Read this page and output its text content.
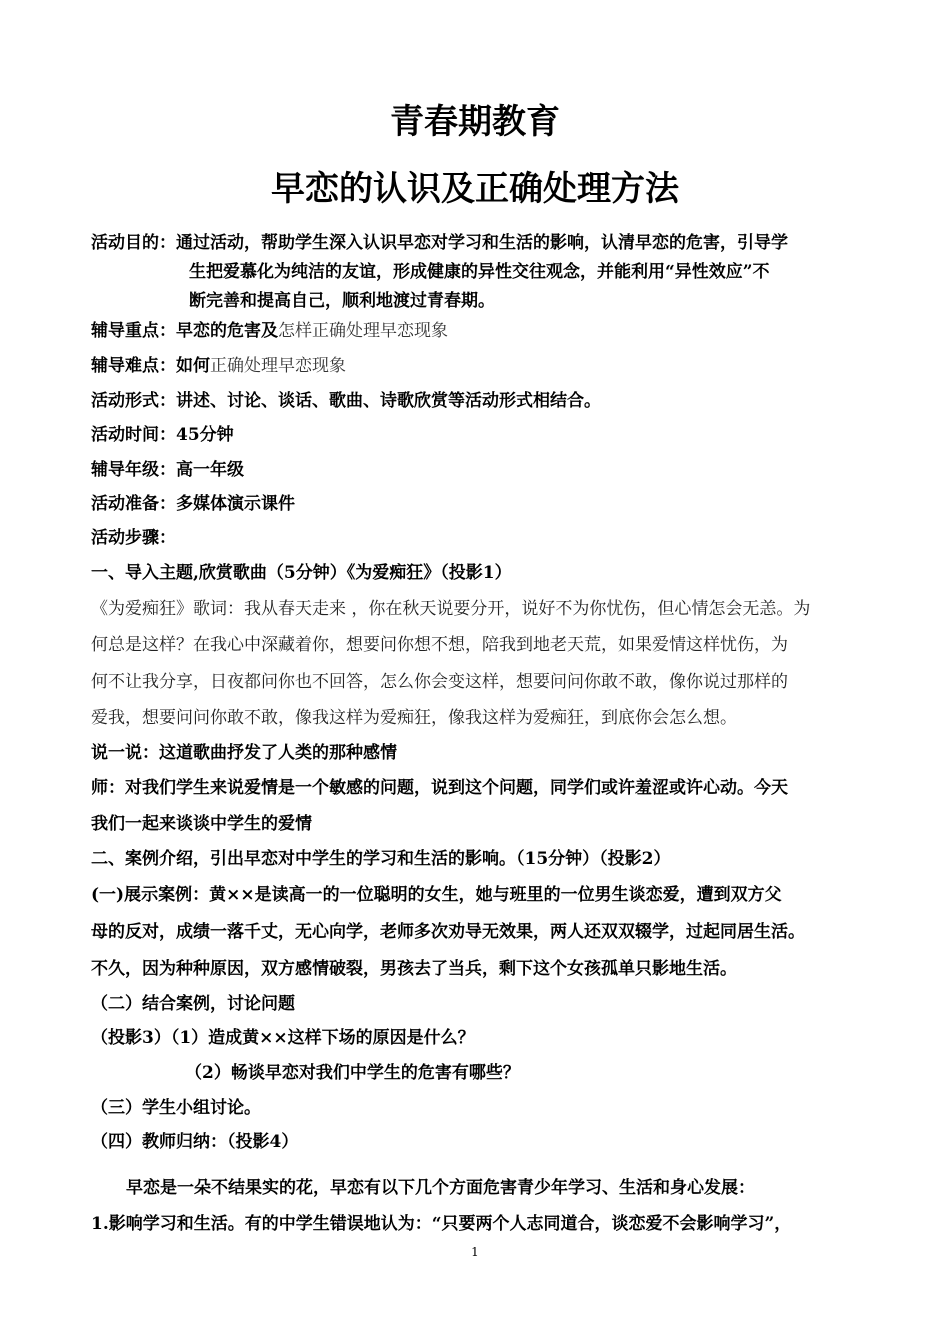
青春期教育
早恋的认识及正确处理方法
活动目的：通过活动，帮助学生深入认识早恋对学习和生活的影响，认清早恋的危害，引导学
生把爱慕化为纯洁的友谊，形成健康的异性交往观念，并能利用“异性效应”不
断完善和提高自己，顺利地渡过青春期。
辅导重点：早恋的危害及怎样正确处理早恋现象
辅导难点：如何正确处理早恋现象
活动形式：讲述、讨论、谈话、歌曲、诗歌欣赏等活动形式相结合。
活动时间：45分钟
辅导年级：高一年级
活动准备：多媒体演示课件
活动步骤：
一、导入主题,欣赏歌曲（5分钟）《为爱痴狂》（投影1）
《为爱痴狂》歌词：我从春天走来 ，你在秋天说要分开，说好不为你忧伤，但心情怎会无恙。为
何总是这样？在我心中深藏着你，想要问你想不想，陪我到地老天荒，如果爱情这样忧伤，为
何不让我分享，日夜都问你也不回答，怎么你会变这样，想要问问你敢不敢，像你说过那样的
爱我，想要问问你敢不敢，像我这样为爱痴狂，像我这样为爱痴狂，到底你会怎么想。
说一说：这道歌曲抒发了人类的那种感情
师：对我们学生来说爱情是一个敏感的问题，说到这个问题，同学们或许羞涩或许心动。今天
我们一起来谈谈中学生的爱情
二、案例介绍，引出早恋对中学生的学习和生活的影响。（15分钟）（投影2）
(一)展示案例：黄××是读高一的一位聪明的女生，她与班里的一位男生谈恋爱，遭到双方父
母的反对，成绩一落千丈，无心向学，老师多次劝导无效果，两人还双双辍学，过起同居生活。
不久，因为种种原因，双方感情破裂，男孩去了当兵，剩下这个女孩孤单只影地生活。
（二）结合案例，讨论问题
（投影3）（1）造成黄××这样下场的原因是什么？
（2）畅谈早恋对我们中学生的危害有哪些？
（三）学生小组讨论。
（四）教师归纳：（投影4）
早恋是一朵不结果实的花，早恋有以下几个方面危害青少年学习、生活和身心发展：
1.影响学习和生活。有的中学生错误地认为：“只要两个人志同道合，谈恋爱不会影响学习”，
1
